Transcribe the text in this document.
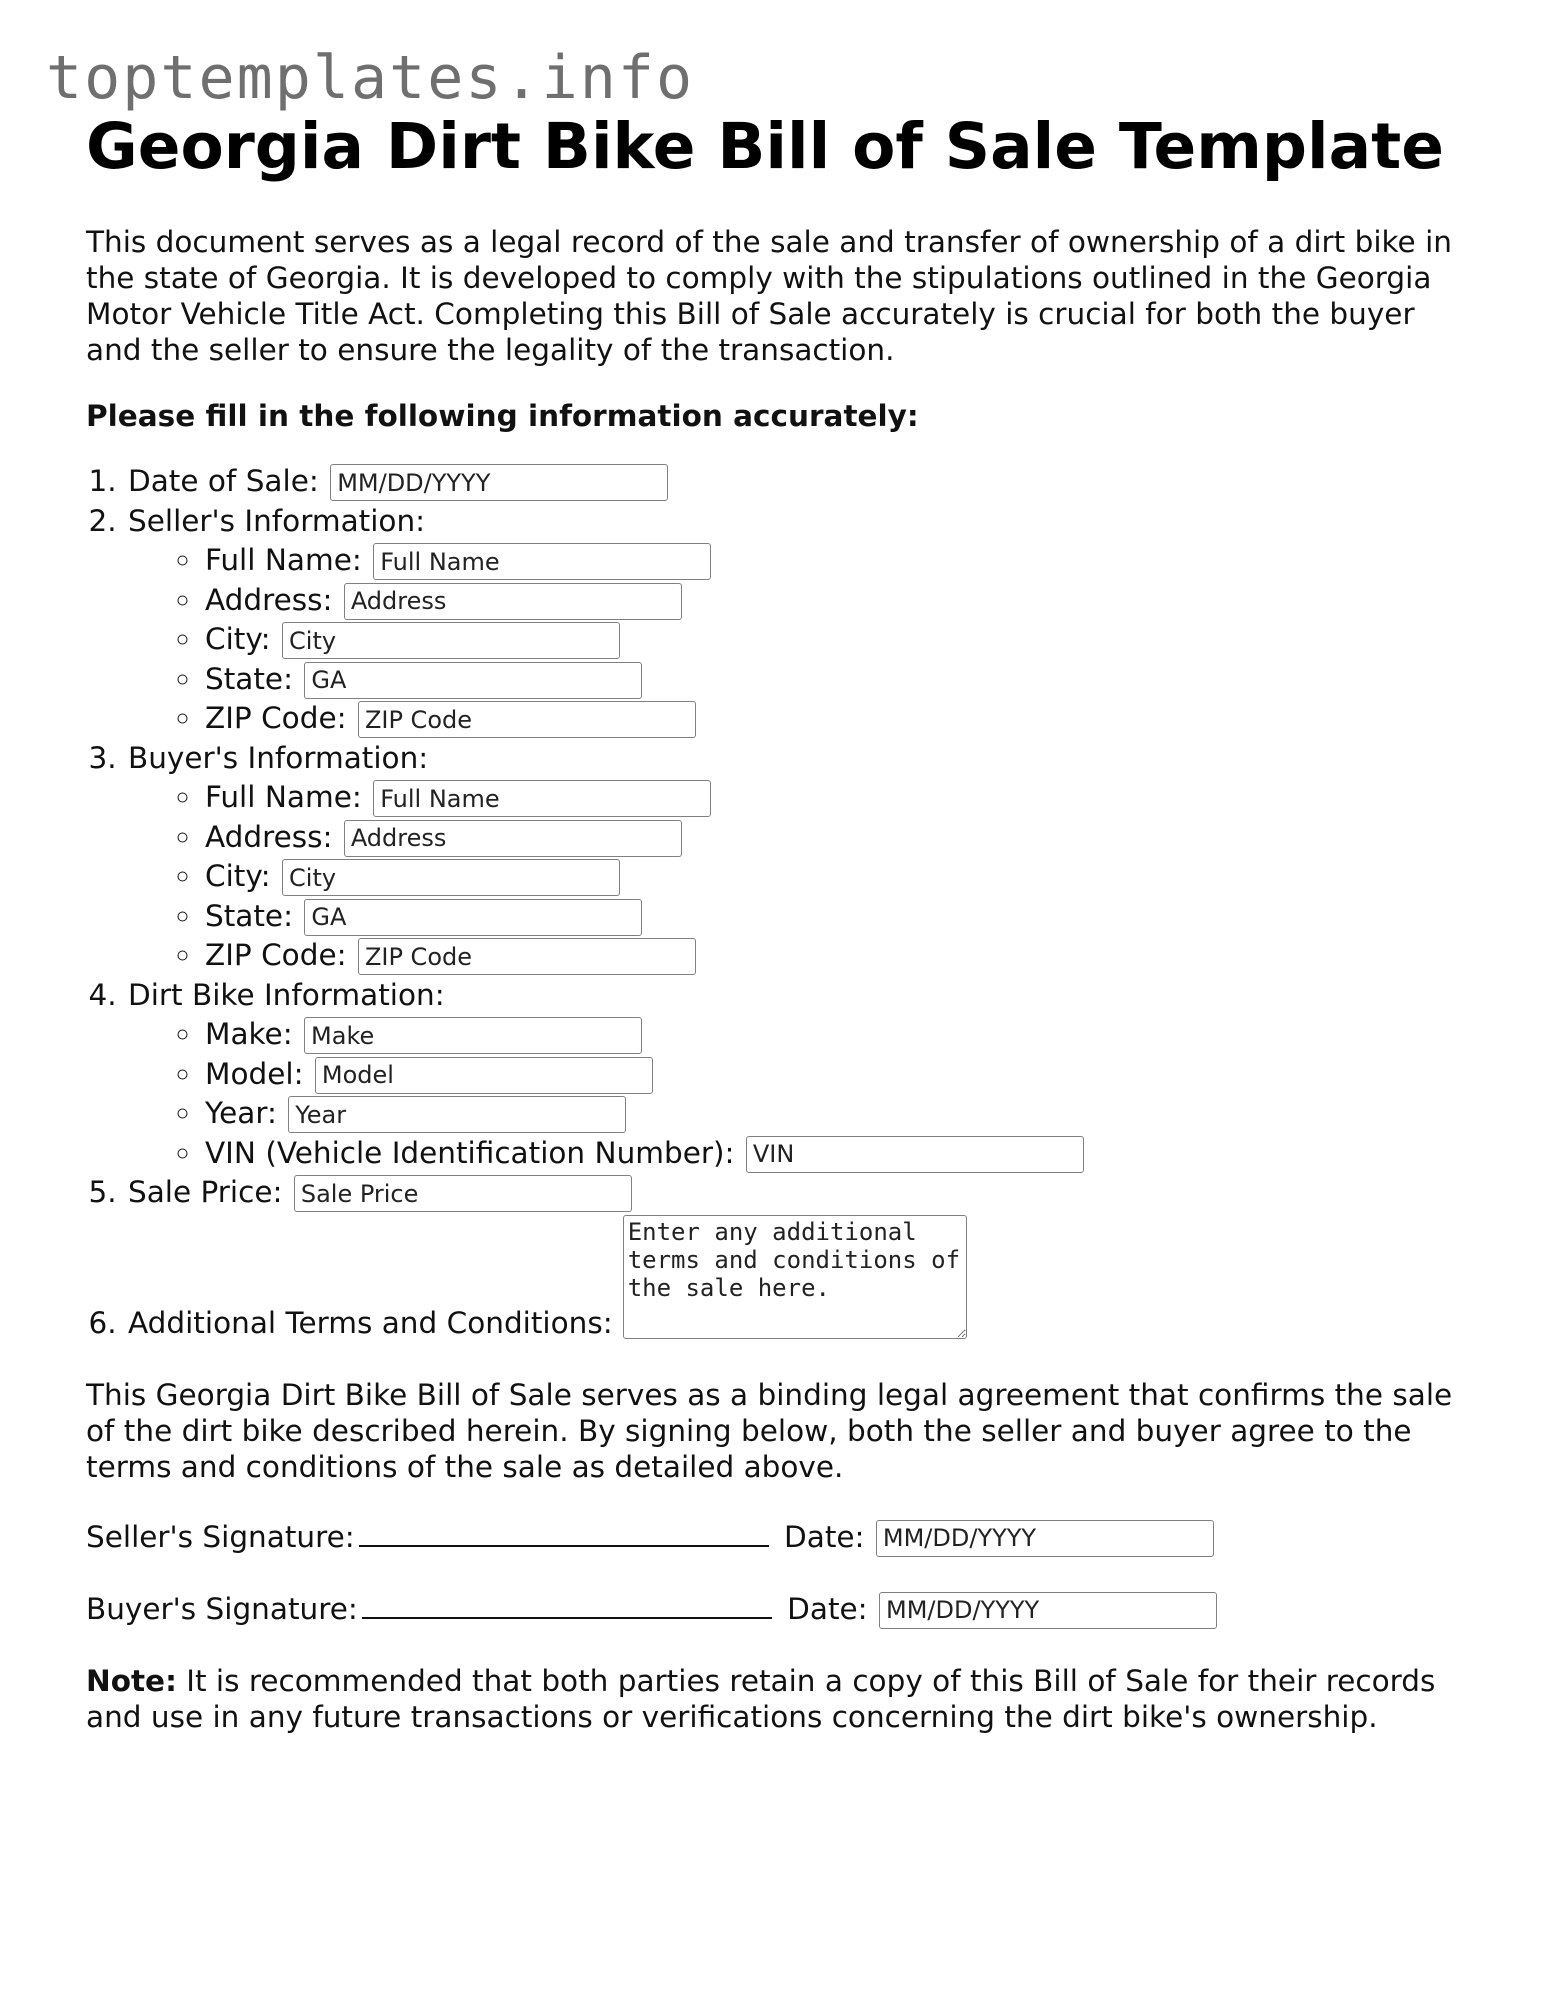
toptemplates.info
Georgia Dirt Bike Bill of Sale Template

This document serves as a legal record of the sale and transfer of ownership of a dirt bike in the state of Georgia. It is developed to comply with the stipulations outlined in the Georgia Motor Vehicle Title Act. Completing this Bill of Sale accurately is crucial for both the buyer and the seller to ensure the legality of the transaction.

Please fill in the following information accurately:

1. Date of Sale: MM/DD/YYYY
2. Seller's Information:
◦ Full Name: Full Name
◦ Address: Address
◦ City: City
◦ State: GA
◦ ZIP Code: ZIP Code
3. Buyer's Information:
◦ Full Name: Full Name
◦ Address: Address
◦ City: City
◦ State: GA
◦ ZIP Code: ZIP Code
4. Dirt Bike Information:
◦ Make: Make
◦ Model: Model
◦ Year: Year
◦ VIN (Vehicle Identification Number): VIN
5. Sale Price: Sale Price
6. Additional Terms and Conditions:
Enter any additional terms and conditions of the sale here.

This Georgia Dirt Bike Bill of Sale serves as a binding legal agreement that confirms the sale of the dirt bike described herein. By signing below, both the seller and buyer agree to the terms and conditions of the sale as detailed above.

Seller's Signature:	Date: MM/DD/YYYY
Buyer's Signature:	Date: MM/DD/YYYY

Note: It is recommended that both parties retain a copy of this Bill of Sale for their records and use in any future transactions or verifications concerning the dirt bike's ownership.
